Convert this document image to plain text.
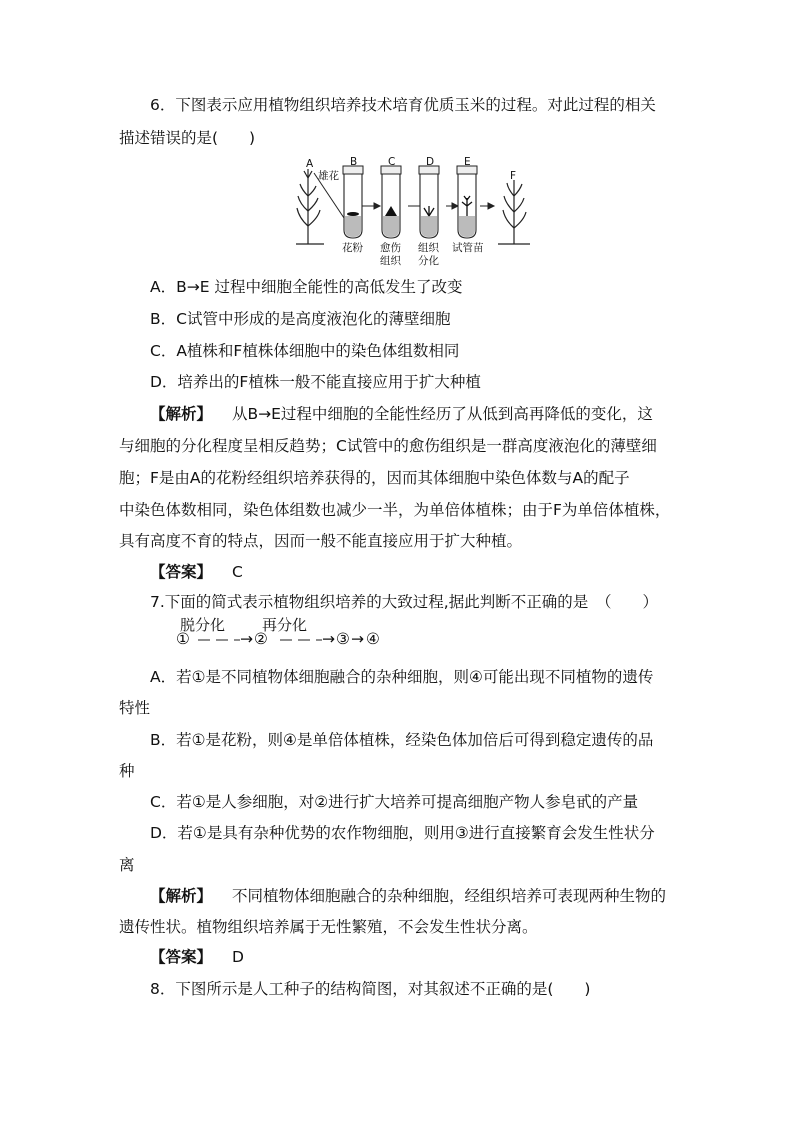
6．下图表示应用植物组织培养技术培育优质玉米的过程。对此过程的相关
描述错误的是(　　)
A
雄花
B	C	D	E
F
花粉 愈伤
组织
组织
分化
试管苗
A．B→E 过程中细胞全能性的高低发生了改变
B．C试管中形成的是高度液泡化的薄壁细胞
C．A植株和F植株体细胞中的染色体组数相同
D．培养出的F植株一般不能直接应用于扩大种植
【解析】 从B→E过程中细胞的全能性经历了从低到高再降低的变化，这
与细胞的分化程度呈相反趋势；C试管中的愈伤组织是一群高度液泡化的薄壁细
胞；F是由A的花粉经组织培养获得的，因而其体细胞中染色体数与A的配子
中染色体数相同，染色体组数也减少一半，为单倍体植株；由于F为单倍体植株，
具有高度不育的特点，因而一般不能直接应用于扩大种植。
【答案】 C
7.下面的简式表示植物组织培养的大致过程,据此判断不正确的是　（　　）
①
脱分化
→ ②
再分化
→ ③ → ④
A．若①是不同植物体细胞融合的杂种细胞，则④可能出现不同植物的遗传
特性
B．若①是花粉，则④是单倍体植株，经染色体加倍后可得到稳定遗传的品
种
C．若①是人参细胞，对②进行扩大培养可提高细胞产物人参皂甙的产量
D．若①是具有杂种优势的农作物细胞，则用③进行直接繁育会发生性状分
离
【解析】 不同植物体细胞融合的杂种细胞，经组织培养可表现两种生物的
遗传性状。植物组织培养属于无性繁殖，不会发生性状分离。
【答案】 D
8．下图所示是人工种子的结构简图，对其叙述不正确的是(　　)
